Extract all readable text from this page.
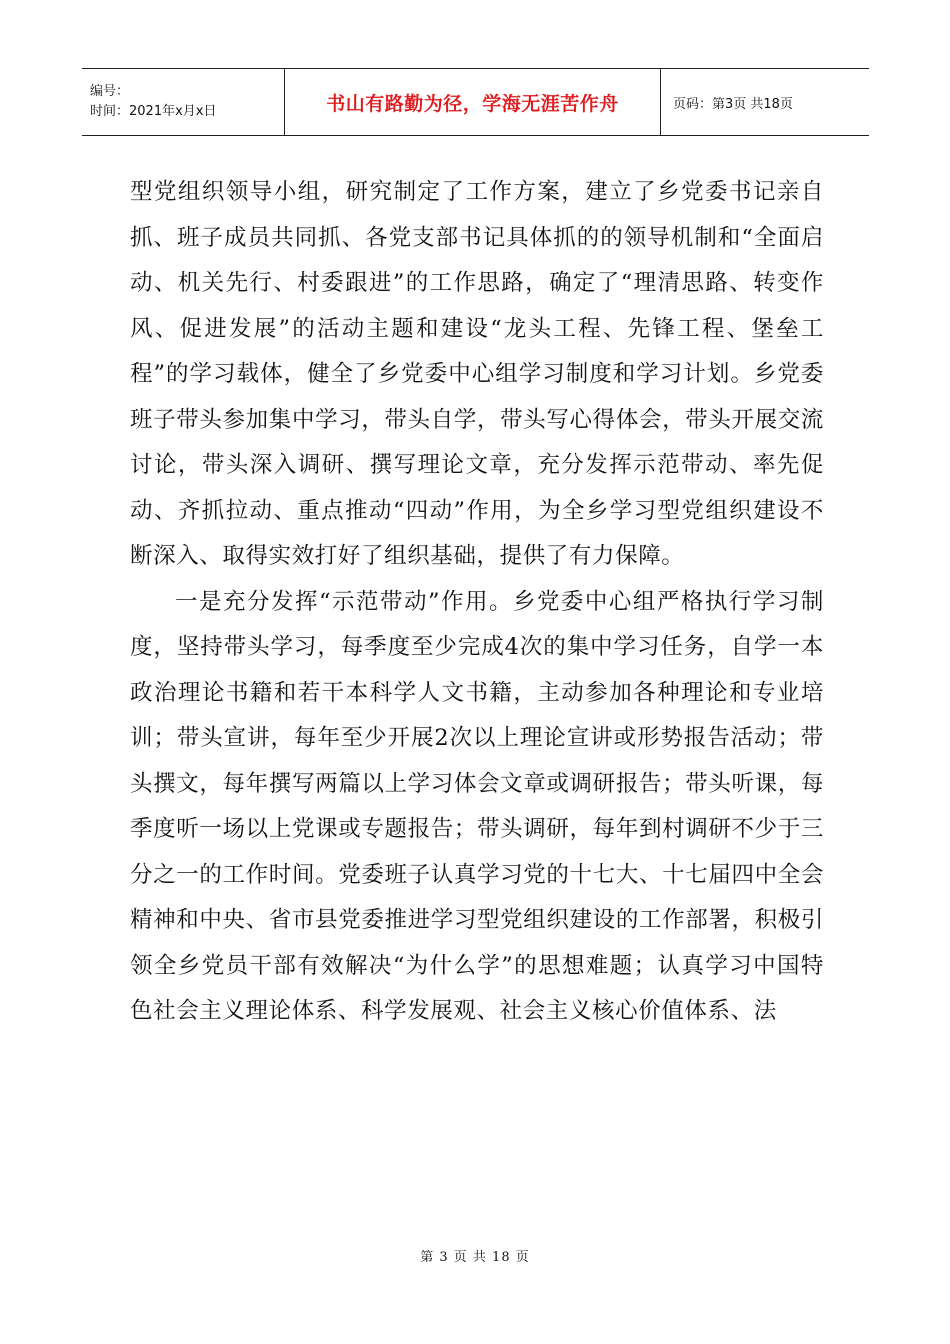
编号：
时间：2021年x月x日	书山有路勤为径，学海无涯苦作舟	页码：第3页 共18页

型党组织领导小组，研究制定了工作方案，建立了乡党委书记亲自抓、班子成员共同抓、各党支部书记具体抓的的领导机制和“全面启动、机关先行、村委跟进”的工作思路，确定了“理清思路、转变作风、促进发展”的活动主题和建设“龙头工程、先锋工程、堡垒工程”的学习载体，健全了乡党委中心组学习制度和学习计划。乡党委班子带头参加集中学习，带头自学，带头写心得体会，带头开展交流讨论，带头深入调研、撰写理论文章，充分发挥示范带动、率先促动、齐抓拉动、重点推动“四动”作用，为全乡学习型党组织建设不断深入、取得实效打好了组织基础，提供了有力保障。

一是充分发挥“示范带动”作用。乡党委中心组严格执行学习制度，坚持带头学习，每季度至少完成4次的集中学习任务，自学一本政治理论书籍和若干本科学人文书籍，主动参加各种理论和专业培训；带头宣讲，每年至少开展2次以上理论宣讲或形势报告活动；带头撰文，每年撰写两篇以上学习体会文章或调研报告；带头听课，每季度听一场以上党课或专题报告；带头调研，每年到村调研不少于三分之一的工作时间。党委班子认真学习党的十七大、十七届四中全会精神和中央、省市县党委推进学习型党组织建设的工作部署，积极引领全乡党员干部有效解决“为什么学”的思想难题；认真学习中国特色社会主义理论体系、科学发展观、社会主义核心价值体系、法

第 3 页 共 18 页
